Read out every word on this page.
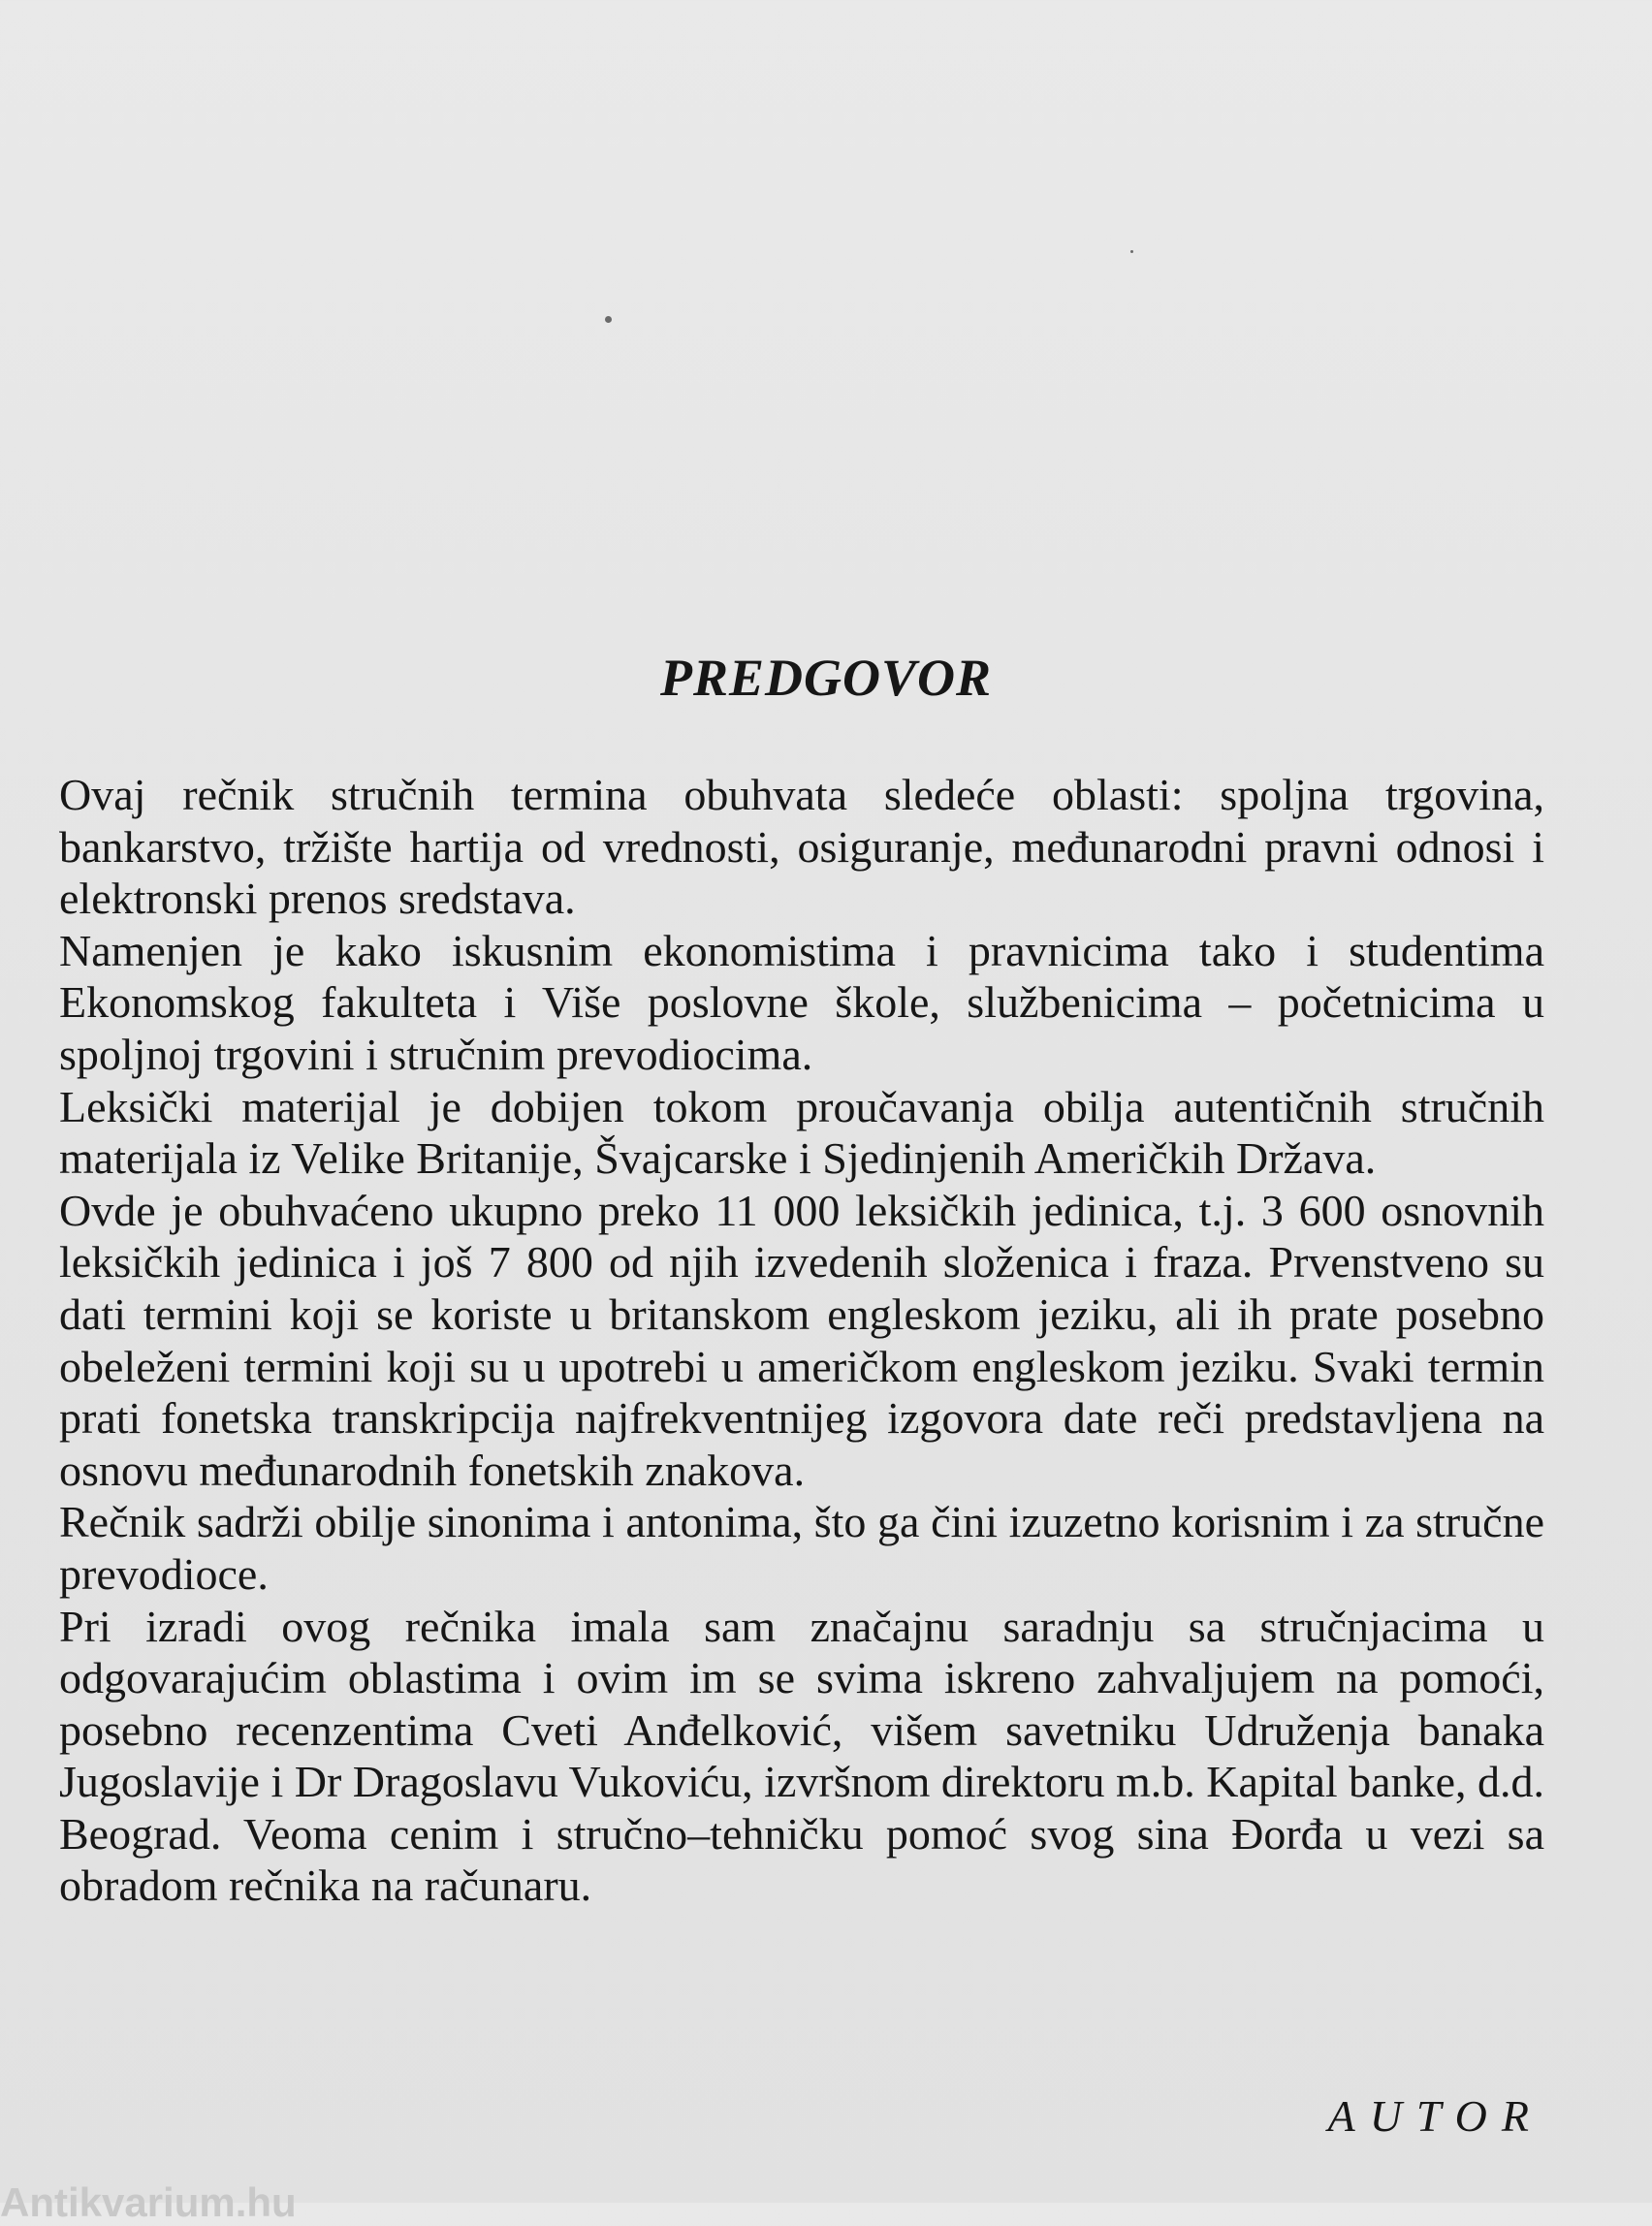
PREDGOVOR

Ovaj rečnik stručnih termina obuhvata sledeće oblasti: spoljna trgovina, bankarstvo, tržište hartija od vrednosti, osiguranje, međunarodni pravni odnosi i elektronski prenos sredstava.

Namenjen je kako iskusnim ekonomistima i pravnicima tako i studentima Ekonomskog fakulteta i Više poslovne škole, službenicima – početnicima u spoljnoj trgovini i stručnim prevodiocima.

Leksički materijal je dobijen tokom proučavanja obilja autentičnih stručnih materijala iz Velike Britanije, Švajcarske i Sjedinjenih Američkih Država.

Ovde je obuhvaćeno ukupno preko 11 000 leksičkih jedinica, t.j. 3 600 osnovnih leksičkih jedinica i još 7 800 od njih izvedenih složenica i fraza. Prvenstveno su dati termini koji se koriste u britanskom engleskom jeziku, ali ih prate posebno obeleženi termini koji su u upotrebi u američkom engleskom jeziku. Svaki termin prati fonetska transkripcija najfrekventnijeg izgovora date reči predstavljena na osnovu međunarodnih fonetskih znakova.

Rečnik sadrži obilje sinonima i antonima, što ga čini izuzetno korisnim i za stručne prevodioce.

Pri izradi ovog rečnika imala sam značajnu saradnju sa stručnjacima u odgovarajućim oblastima i ovim im se svima iskreno zahvaljujem na pomoći, posebno recenzentima Cveti Anđelković, višem savetniku Udruženja banaka Jugoslavije i Dr Dragoslavu Vukoviću, izvršnom direktoru m.b. Kapital banke, d.d. Beograd. Veoma cenim i stručno–tehničku pomoć svog sina Đorđa u vezi sa obradom rečnika na računaru.

AUTOR

Antikvarium.hu
